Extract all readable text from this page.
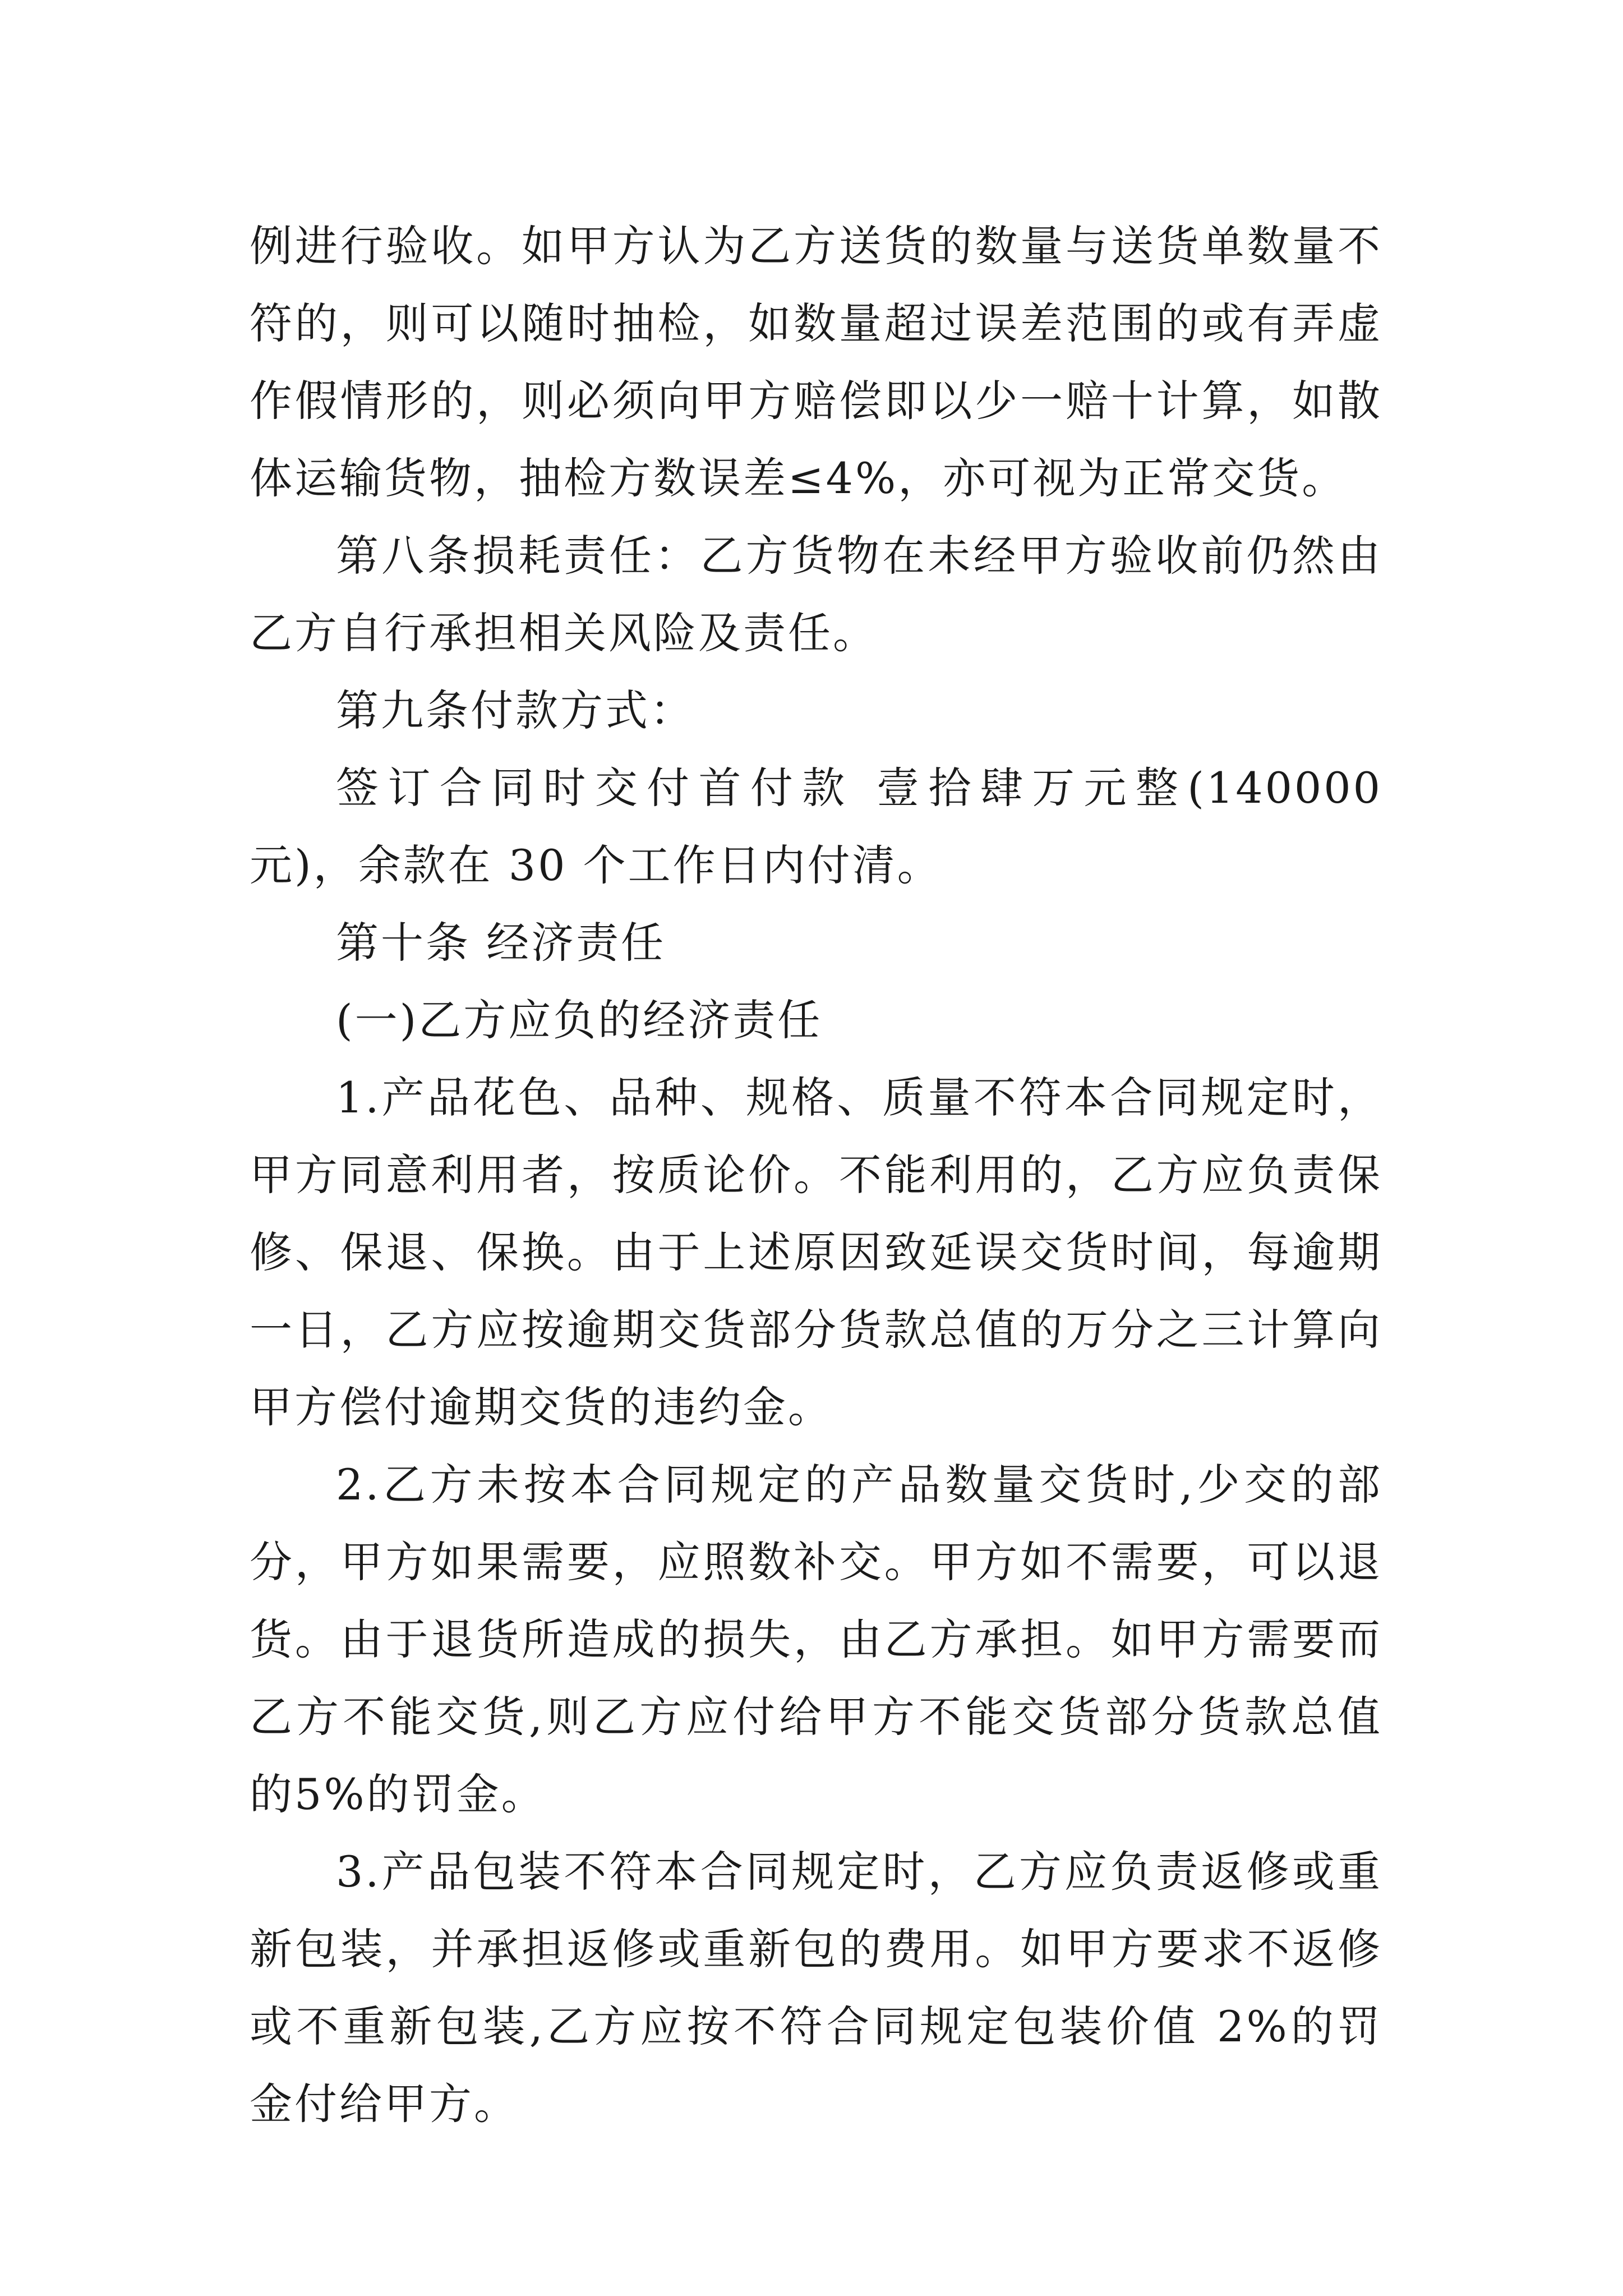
例进行验收。如甲方认为乙方送货的数量与送货单数量不符的，则可以随时抽检，如数量超过误差范围的或有弄虚作假情形的，则必须向甲方赔偿即以少一赔十计算，如散体运输货物，抽检方数误差≤4%，亦可视为正常交货。

第八条损耗责任：乙方货物在未经甲方验收前仍然由乙方自行承担相关风险及责任。

第九条付款方式：

签订合同时交付首付款 壹拾肆万元整(140000 元)，余款在 30 个工作日内付清。

第十条 经济责任

(一)乙方应负的经济责任

1.产品花色、品种、规格、质量不符本合同规定时，甲方同意利用者，按质论价。不能利用的，乙方应负责保修、保退、保换。由于上述原因致延误交货时间，每逾期一日，乙方应按逾期交货部分货款总值的万分之三计算向甲方偿付逾期交货的违约金。

2.乙方未按本合同规定的产品数量交货时,少交的部分，甲方如果需要，应照数补交。甲方如不需要，可以退货。由于退货所造成的损失，由乙方承担。如甲方需要而乙方不能交货,则乙方应付给甲方不能交货部分货款总值的5%的罚金。

3.产品包装不符本合同规定时，乙方应负责返修或重新包装，并承担返修或重新包的费用。如甲方要求不返修或不重新包装,乙方应按不符合同规定包装价值 2%的罚金付给甲方。
